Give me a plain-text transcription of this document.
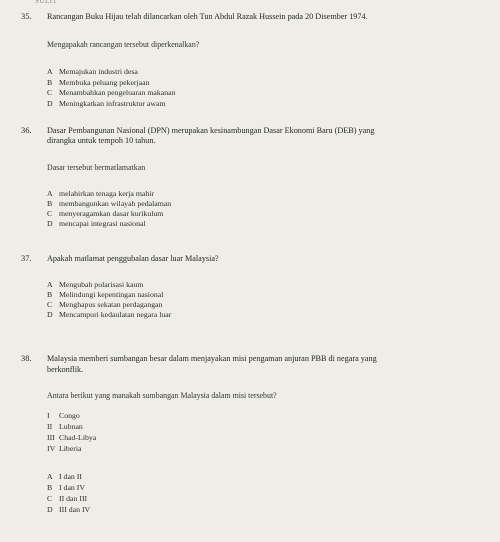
SULIT
35. Rancangan Buku Hijau telah dilancarkan oleh Tun Abdul Razak Hussein pada 20 Disember 1974.
Mengapakah rancangan tersebut diperkenalkan?
A Memajukan industri desa
B Membuka peluang pekerjaan
C Menambahkan pengeluaran makanan
D Meningkatkan infrastruktur awam
36. Dasar Pembangunan Nasional (DPN) merupakan kesinambungan Dasar Ekonomi Baru (DEB) yang
dirangka untuk tempoh 10 tahun.
Dasar tersebut bermatlamatkan
A melahirkan tenaga kerja mahir
B membangunkan wilayah pedalaman
C menyeragamkan dasar kurikulum
D mencapai integrasi nasional
37. Apakah matlamat penggubalan dasar luar Malaysia?
A Mengubah polarisasi kaum
B Melindungi kepentingan nasional
C Menghapus sekatan perdagangan
D Mencampuri kedaulatan negara luar
38. Malaysia memberi sumbangan besar dalam menjayakan misi pengaman anjuran PBB di negara yang
berkonflik.
Antara berikut yang manakah sumbangan Malaysia dalam misi tersebut?
I Congo
II Lubnan
III Chad-Libya
IV Liberia
A I dan II
B I dan IV
C II dan III
D III dan IV
